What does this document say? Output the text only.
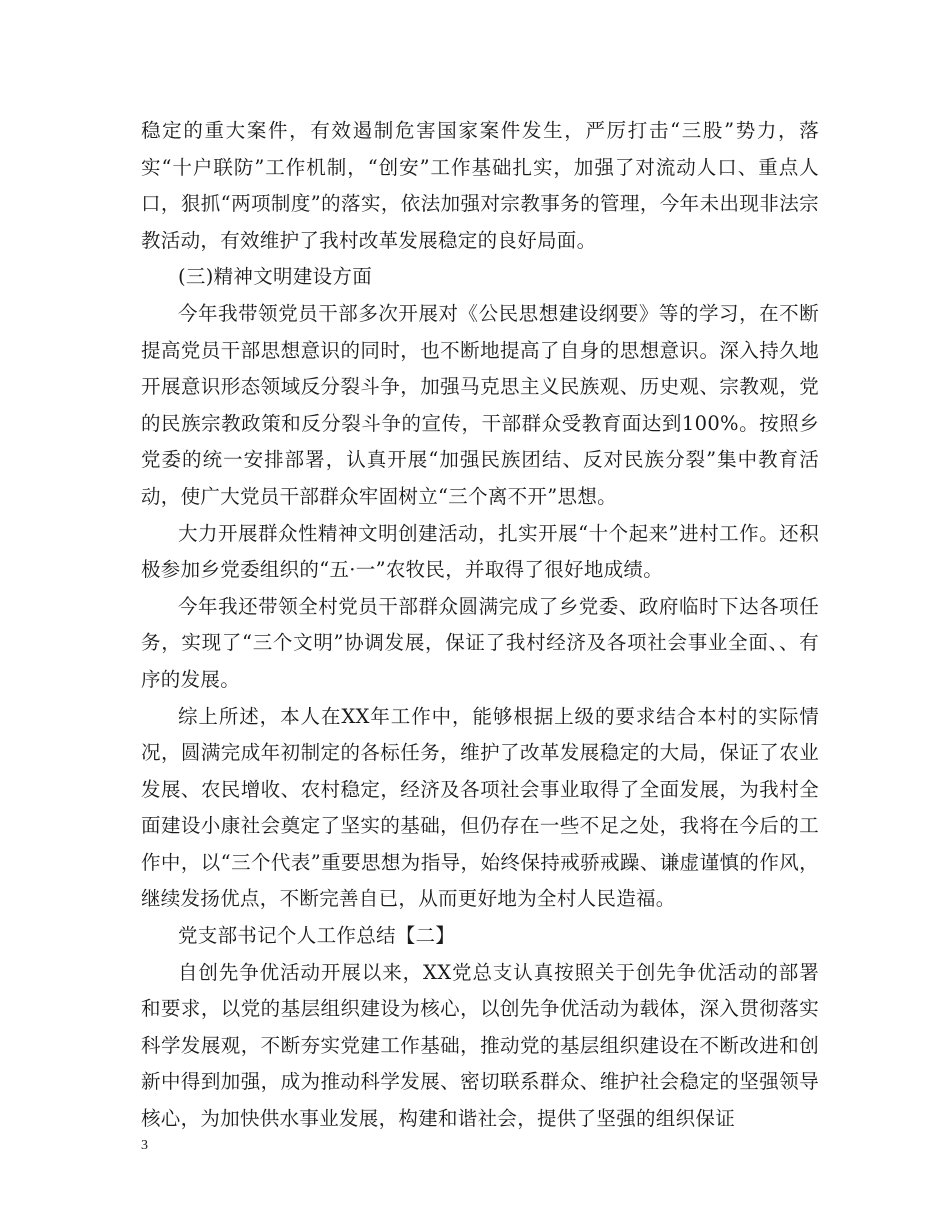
稳定的重大案件，有效遏制危害国家案件发生，严厉打击“三股”势力，落实“十户联防”工作机制，“创安”工作基础扎实，加强了对流动人口、重点人口，狠抓“两项制度”的落实，依法加强对宗教事务的管理，今年未出现非法宗教活动，有效维护了我村改革发展稳定的良好局面。

(三)精神文明建设方面

今年我带领党员干部多次开展对《公民思想建设纲要》等的学习，在不断提高党员干部思想意识的同时，也不断地提高了自身的思想意识。深入持久地开展意识形态领域反分裂斗争，加强马克思主义民族观、历史观、宗教观，党的民族宗教政策和反分裂斗争的宣传，干部群众受教育面达到100%。按照乡党委的统一安排部署，认真开展“加强民族团结、反对民族分裂”集中教育活动，使广大党员干部群众牢固树立“三个离不开”思想。

大力开展群众性精神文明创建活动，扎实开展“十个起来”进村工作。还积极参加乡党委组织的“五·一”农牧民，并取得了很好地成绩。

今年我还带领全村党员干部群众圆满完成了乡党委、政府临时下达各项任务，实现了“三个文明”协调发展，保证了我村经济及各项社会事业全面、、有序的发展。

综上所述，本人在XX年工作中，能够根据上级的要求结合本村的实际情况，圆满完成年初制定的各标任务，维护了改革发展稳定的大局，保证了农业发展、农民增收、农村稳定，经济及各项社会事业取得了全面发展，为我村全面建设小康社会奠定了坚实的基础，但仍存在一些不足之处，我将在今后的工作中，以“三个代表”重要思想为指导，始终保持戒骄戒躁、谦虚谨慎的作风，继续发扬优点，不断完善自已，从而更好地为全村人民造福。

党支部书记个人工作总结【二】

自创先争优活动开展以来，XX党总支认真按照关于创先争优活动的部署和要求，以党的基层组织建设为核心，以创先争优活动为载体，深入贯彻落实科学发展观，不断夯实党建工作基础，推动党的基层组织建设在不断改进和创新中得到加强，成为推动科学发展、密切联系群众、维护社会稳定的坚强领导核心，为加快供水事业发展，构建和谐社会，提供了坚强的组织保证

3
